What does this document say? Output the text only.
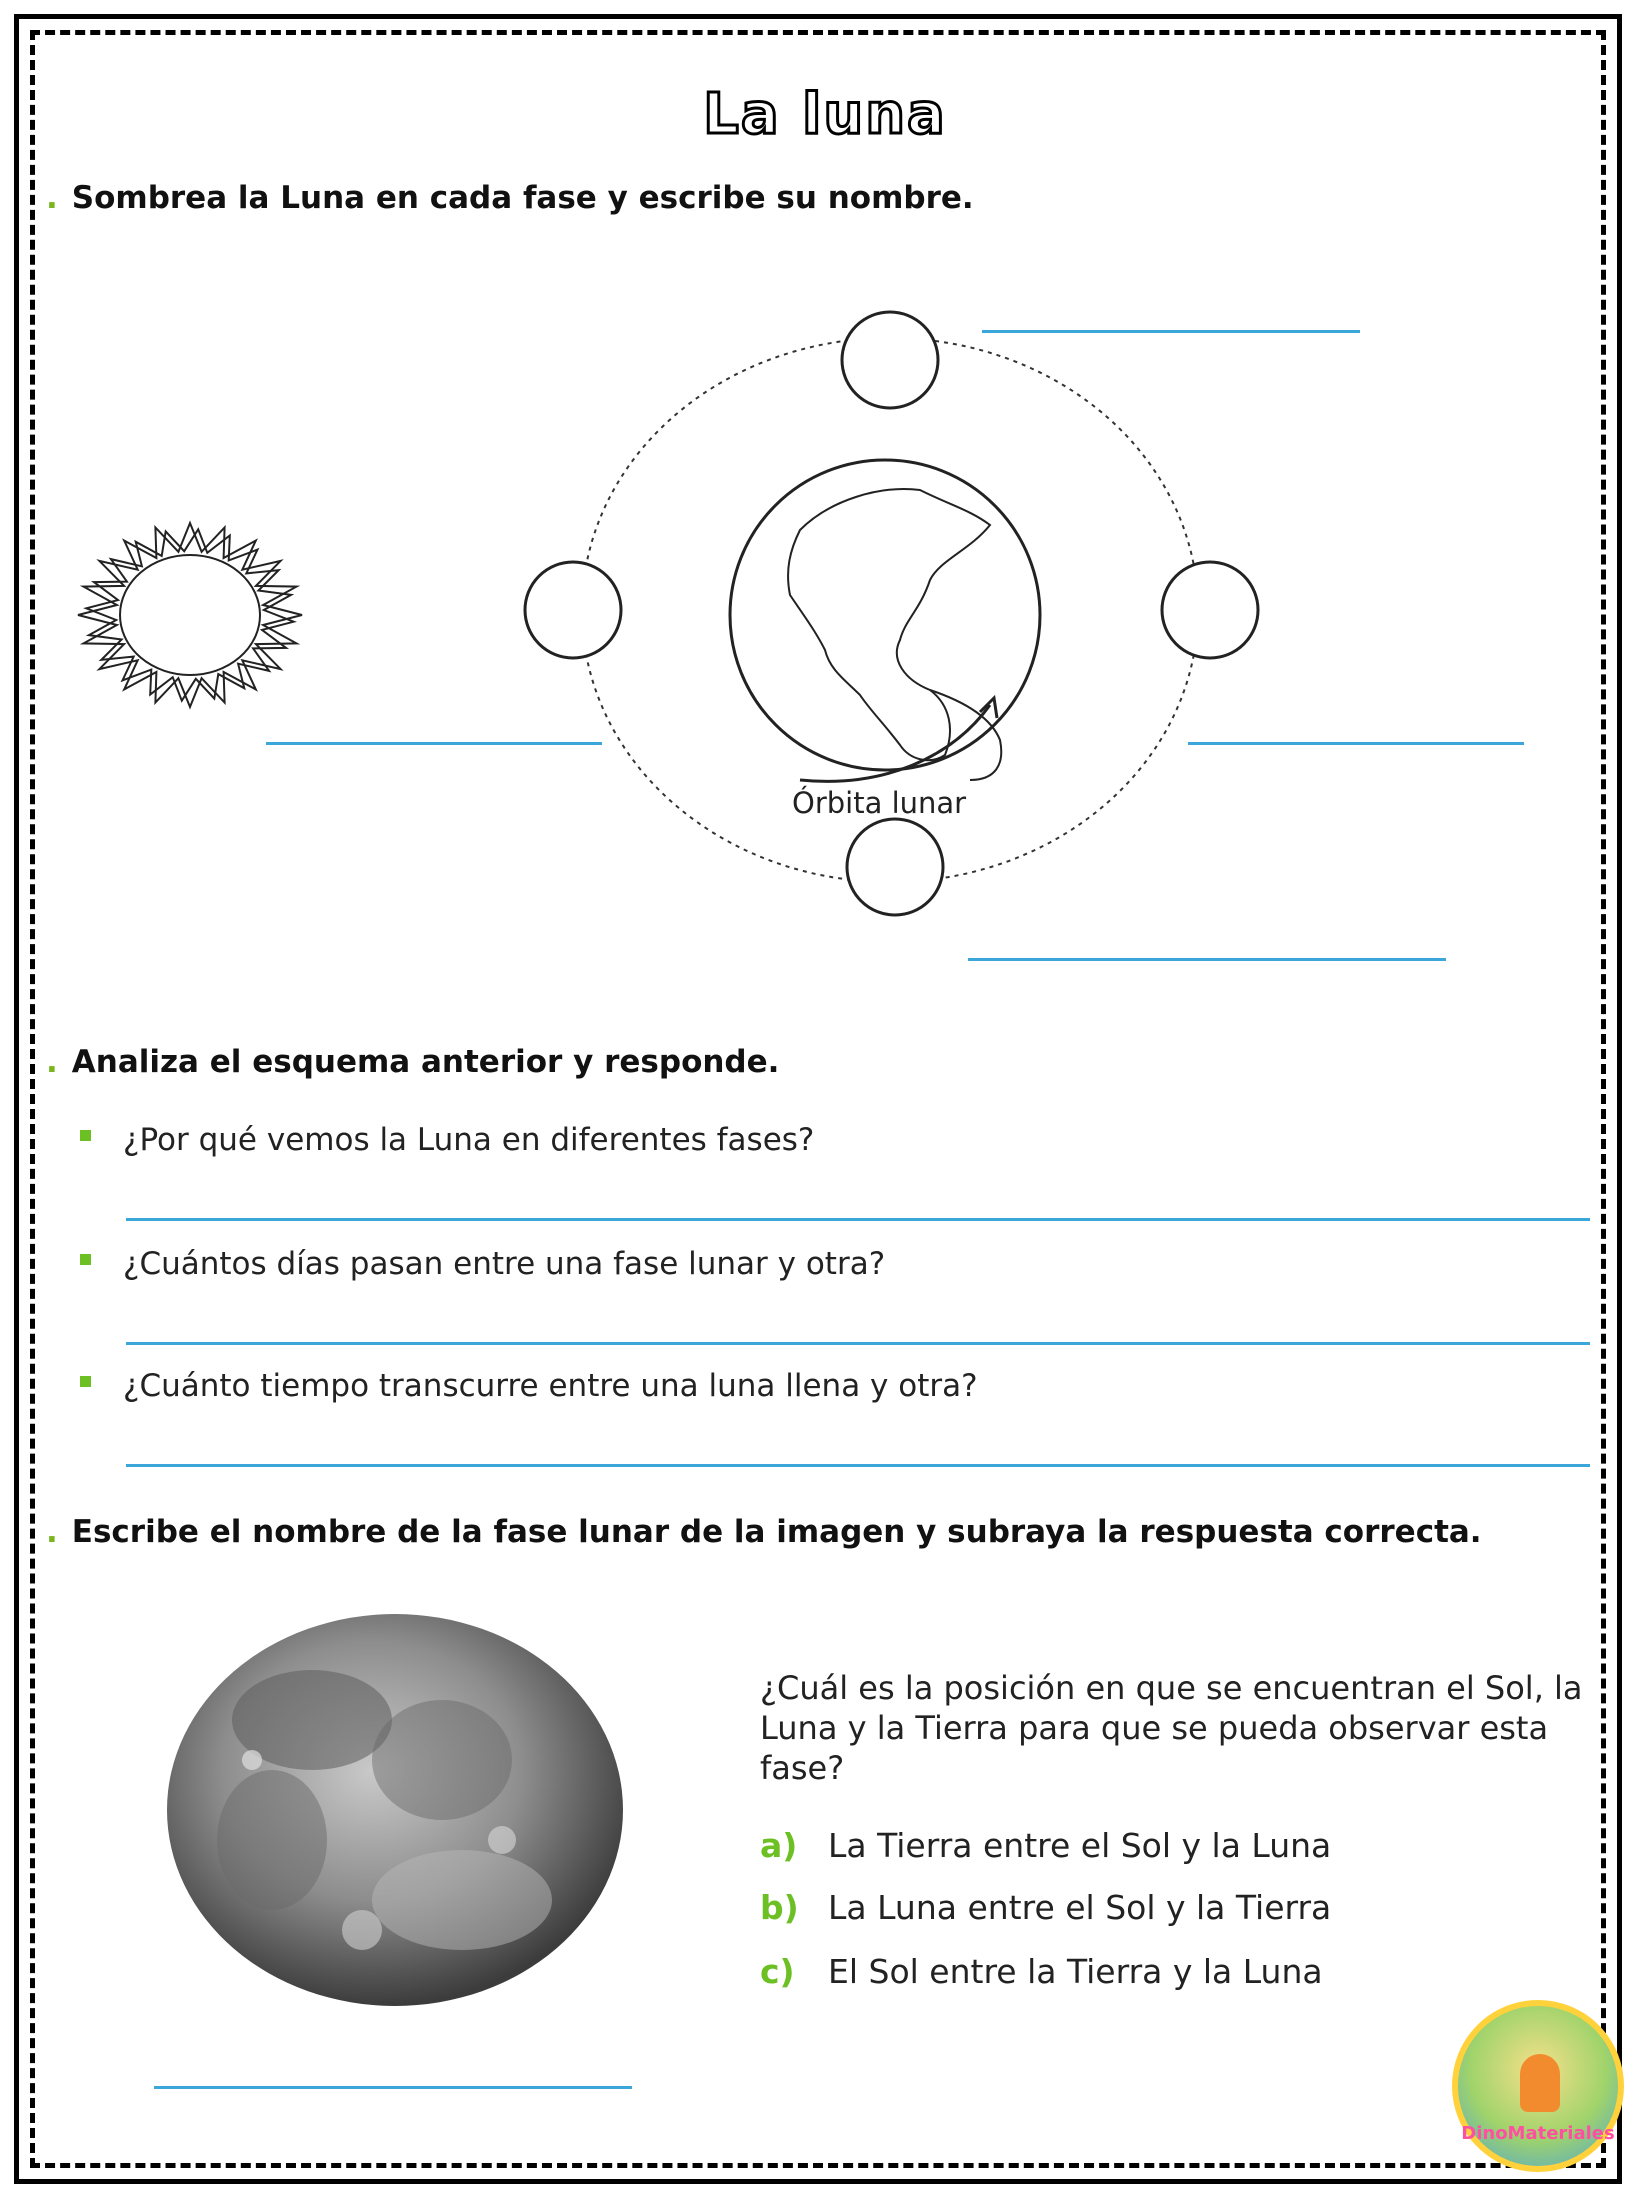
La luna
. Sombrea la Luna en cada fase y escribe su nombre.
Órbita lunar
. Analiza el esquema anterior y responde.
¿Por qué vemos la Luna en diferentes fases?
¿Cuántos días pasan entre una fase lunar y otra?
¿Cuánto tiempo transcurre entre una luna llena y otra?
. Escribe el nombre de la fase lunar de la imagen y subraya la respuesta correcta.
¿Cuál es la posición en que se encuentran el Sol, la Luna y la Tierra para que se pueda observar esta fase?
a) La Tierra entre el Sol y la Luna
b) La Luna entre el Sol y la Tierra
c) El Sol entre la Tierra y la Luna
DinoMateriales
